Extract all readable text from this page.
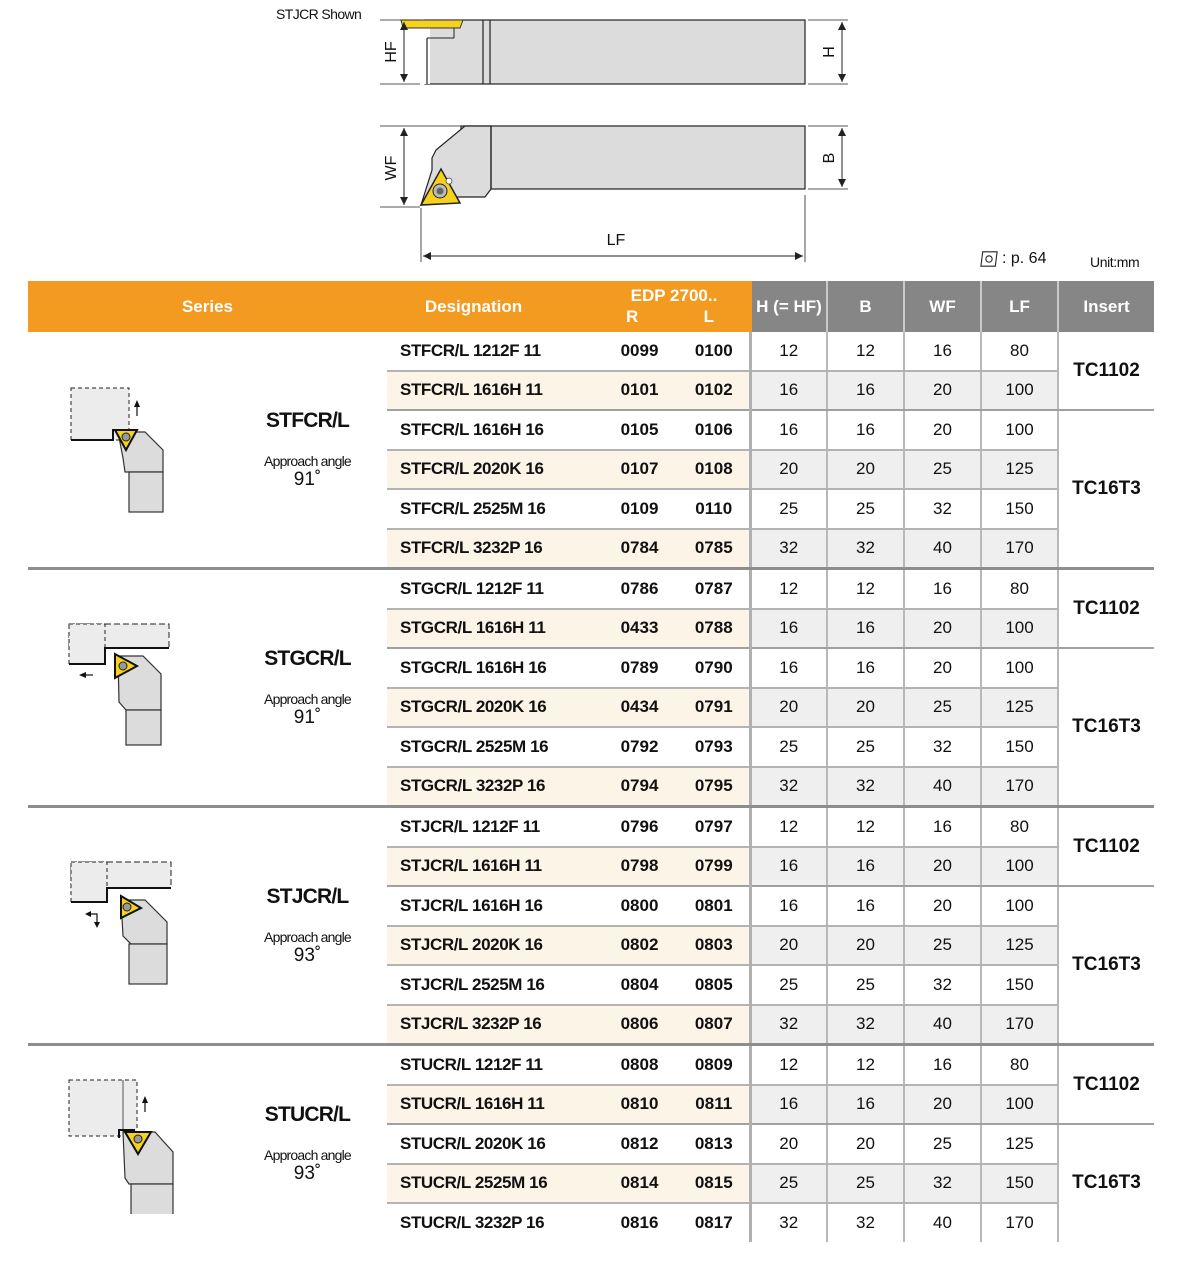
STJCR Shown
HF	H
WF	B
LF
: p. 64	Unit:mm
Series	Designation	EDP 2700..
R L		H (= HF)	B	WF	LF	Insert

STFCR/L
Approach angle
91˚	STFCR/L 1212F 11	0099	0100	12	12	16	80	TC1102
	STFCR/L 1616H 11	0101	0102	16	16	20	100	
	STFCR/L 1616H 16	0105	0106	16	16	20	100	TC16T3
	STFCR/L 2020K 16	0107	0108	20	20	25	125	
	STFCR/L 2525M 16	0109	0110	25	25	32	150	
	STFCR/L 3232P 16	0784	0785	32	32	40	170	

STGCR/L
Approach angle
91˚	STGCR/L 1212F 11	0786	0787	12	12	16	80	TC1102
	STGCR/L 1616H 11	0433	0788	16	16	20	100	
	STGCR/L 1616H 16	0789	0790	16	16	20	100	TC16T3
	STGCR/L 2020K 16	0434	0791	20	20	25	125	
	STGCR/L 2525M 16	0792	0793	25	25	32	150	
	STGCR/L 3232P 16	0794	0795	32	32	40	170	

STJCR/L
Approach angle
93˚	STJCR/L 1212F 11	0796	0797	12	12	16	80	TC1102
	STJCR/L 1616H 11	0798	0799	16	16	20	100	
	STJCR/L 1616H 16	0800	0801	16	16	20	100	TC16T3
	STJCR/L 2020K 16	0802	0803	20	20	25	125	
	STJCR/L 2525M 16	0804	0805	25	25	32	150	
	STJCR/L 3232P 16	0806	0807	32	32	40	170	

STUCR/L
Approach angle
93˚	STUCR/L 1212F 11	0808	0809	12	12	16	80	TC1102
	STUCR/L 1616H 11	0810	0811	16	16	20	100	
	STUCR/L 2020K 16	0812	0813	20	20	25	125	TC16T3
	STUCR/L 2525M 16	0814	0815	25	25	32	150	
	STUCR/L 3232P 16	0816	0817	32	32	40	170	
